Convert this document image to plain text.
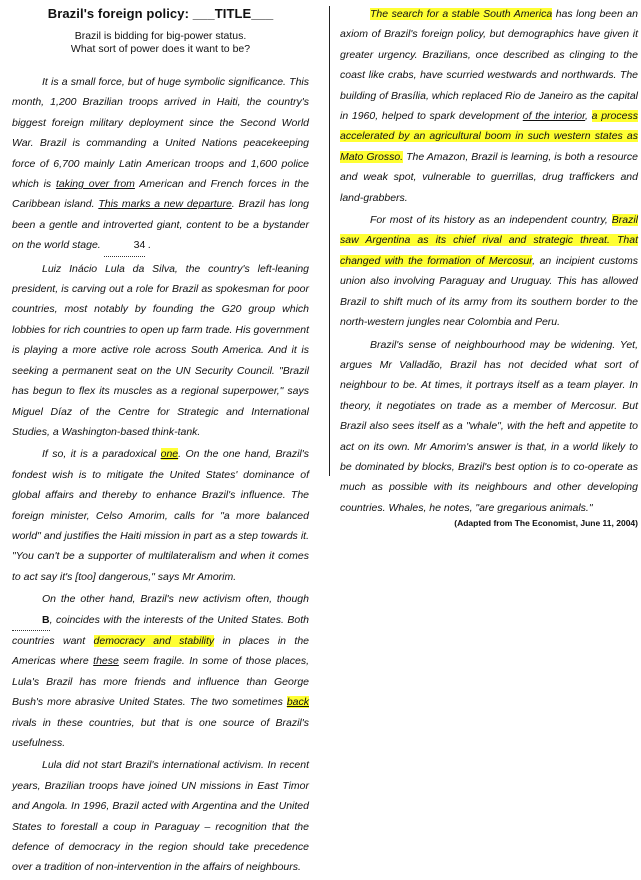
Brazil's foreign policy: ___TITLE___
Brazil is bidding for big-power status.
What sort of power does it want to be?

It is a small force, but of huge symbolic significance. This month, 1,200 Brazilian troops arrived in Haiti, the country's biggest foreign military deployment since the Second World War. Brazil is commanding a United Nations peacekeeping force of 6,700 mainly Latin American troops and 1,600 police which is taking over from American and French forces in the Caribbean island. This marks a new departure. Brazil has long been a gentle and introverted giant, content to be a bystander on the world stage.	34 .

Luiz Inácio Lula da Silva, the country's left-leaning president, is carving out a role for Brazil as spokesman for poor countries, most notably by founding the G20 group which lobbies for rich countries to open up farm trade. His government is playing a more active role across South America. And it is seeking a permanent seat on the UN Security Council. "Brazil has begun to flex its muscles as a regional superpower," says Miguel Díaz of the Centre for Strategic and International Studies, a Washington-based think-tank.

If so, it is a paradoxical one. On the one hand, Brazil's fondest wish is to mitigate the United States' dominance of global affairs and thereby to enhance Brazil's influence. The foreign minister, Celso Amorim, calls for "a more balanced world" and justifies the Haiti mission in part as a step towards it. "You can't be a supporter of multilateralism and when it comes to act say it's [too] dangerous," says Mr Amorim.

On the other hand, Brazil's new activism often, though B, coincides with the interests of the United States. Both countries want democracy and stability in places in the Americas where these seem fragile. In some of those places, Lula's Brazil has more friends and influence than George Bush's more abrasive United States. The two sometimes back rivals in these countries, but that is one source of Brazil's usefulness.

Lula did not start Brazil's international activism. In recent years, Brazilian troops have joined UN missions in East Timor and Angola. In 1996, Brazil acted with Argentina and the United States to forestall a coup in Paraguay – recognition that the defence of democracy in the region should take precedence over a tradition of non-intervention in the affairs of neighbours.

The search for a stable South America has long been an axiom of Brazil's foreign policy, but demographics have given it greater urgency. Brazilians, once described as clinging to the coast like crabs, have scurried westwards and northwards. The building of Brasília, which replaced Rio de Janeiro as the capital in 1960, helped to spark development of the interior, a process accelerated by an agricultural boom in such western states as Mato Grosso. The Amazon, Brazil is learning, is both a resource and weak spot, vulnerable to guerrillas, drug traffickers and land-grabbers.

For most of its history as an independent country, Brazil saw Argentina as its chief rival and strategic threat. That changed with the formation of Mercosur, an incipient customs union also involving Paraguay and Uruguay. This has allowed Brazil to shift much of its army from its southern border to the north-western jungles near Colombia and Peru.

Brazil's sense of neighbourhood may be widening. Yet, argues Mr Valladão, Brazil has not decided what sort of neighbour to be. At times, it portrays itself as a team player. In theory, it negotiates on trade as a member of Mercosur. But Brazil also sees itself as a "whale", with the heft and appetite to act on its own. Mr Amorim's answer is that, in a world likely to be dominated by blocks, Brazil's best option is to co-operate as much as possible with its neighbours and other developing countries. Whales, he notes, "are gregarious animals."

(Adapted from The Economist, June 11, 2004)
